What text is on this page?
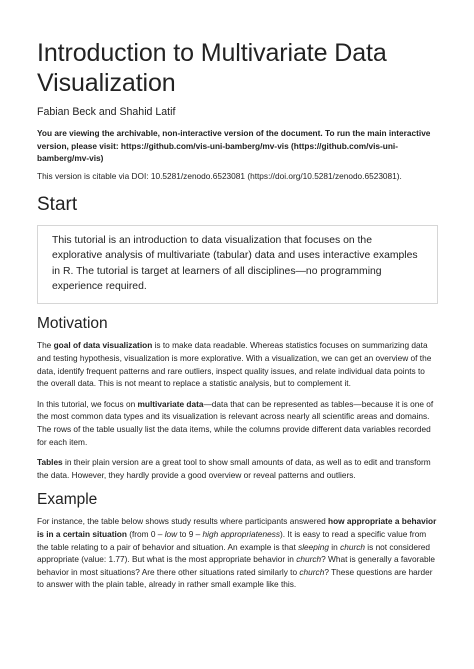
Introduction to Multivariate Data Visualization
Fabian Beck and Shahid Latif
You are viewing the archivable, non-interactive version of the document. To run the main interactive version, please visit: https://github.com/vis-uni-bamberg/mv-vis (https://github.com/vis-uni-bamberg/mv-vis)
This version is citable via DOI: 10.5281/zenodo.6523081 (https://doi.org/10.5281/zenodo.6523081).
Start
This tutorial is an introduction to data visualization that focuses on the explorative analysis of multivariate (tabular) data and uses interactive examples in R. The tutorial is target at learners of all disciplines—no programming experience required.
Motivation

The goal of data visualization is to make data readable. Whereas statistics focuses on summarizing data and testing hypothesis, visualization is more explorative. With a visualization, we can get an overview of the data, identify frequent patterns and rare outliers, inspect quality issues, and relate individual data points to the overall data. This is not meant to replace a statistic analysis, but to complement it.

In this tutorial, we focus on multivariate data—data that can be represented as tables—because it is one of the most common data types and its visualization is relevant across nearly all scientific areas and domains. The rows of the table usually list the data items, while the columns provide different data variables recorded for each item.

Tables in their plain version are a great tool to show small amounts of data, as well as to edit and transform the data. However, they hardly provide a good overview or reveal patterns and outliers.

Example

For instance, the table below shows study results where participants answered how appropriate a behavior is in a certain situation (from 0 – low to 9 – high appropriateness). It is easy to read a specific value from the table relating to a pair of behavior and situation. An example is that sleeping in church is not considered appropriate (value: 1.77). But what is the most appropriate behavior in church? What is generally a favorable behavior in most situations? Are there other situations rated similarly to church? These questions are harder to answer with the plain table, already in rather small example like this.
